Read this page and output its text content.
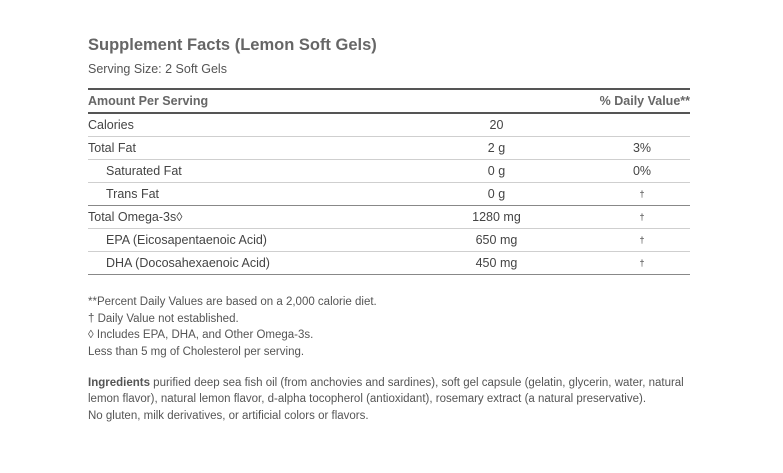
Supplement Facts (Lemon Soft Gels)
Serving Size: 2 Soft Gels
Amount Per Serving		% Daily Value**
Calories	20	
Total Fat	2 g	3%
Saturated Fat	0 g	0%
Trans Fat	0 g	†
Total Omega-3s◊	1280 mg	†
EPA (Eicosapentaenoic Acid)	650 mg	†
DHA (Docosahexaenoic Acid)	450 mg	†
**Percent Daily Values are based on a 2,000 calorie diet.
† Daily Value not established.
◊ Includes EPA, DHA, and Other Omega-3s.
Less than 5 mg of Cholesterol per serving.
Ingredients purified deep sea fish oil (from anchovies and sardines), soft gel capsule (gelatin, glycerin, water, natural lemon flavor), natural lemon flavor, d-alpha tocopherol (antioxidant), rosemary extract (a natural preservative).
No gluten, milk derivatives, or artificial colors or flavors.
